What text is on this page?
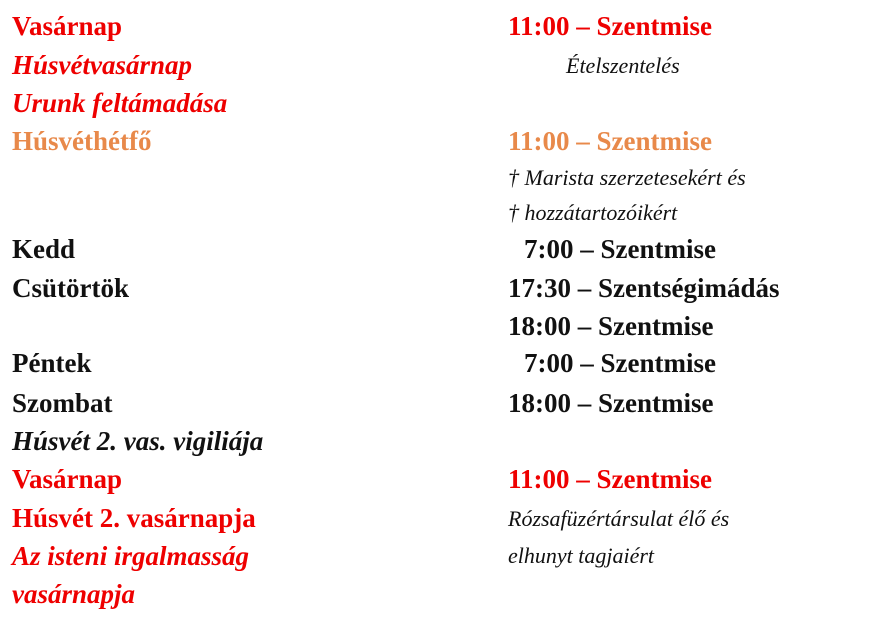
Vasárnap
Húsvétvasárnap
Urunk feltámadása
Húsvéthétfő
Kedd
Csütörtök
Péntek
Szombat
Húsvét 2. vas. vigiliája
Vasárnap
Húsvét 2. vasárnapja
Az isteni irgalmasság
vasárnapja
11:00 – Szentmise
Ételszentelés
11:00 – Szentmise
† Marista szerzetesekért és
† hozzátartozóikért
7:00 – Szentmise
17:30 – Szentségimádás
18:00 – Szentmise
7:00 – Szentmise
18:00 – Szentmise
11:00 – Szentmise
Rózsafüzértársulat élő és
elhunyt tagjaiért
